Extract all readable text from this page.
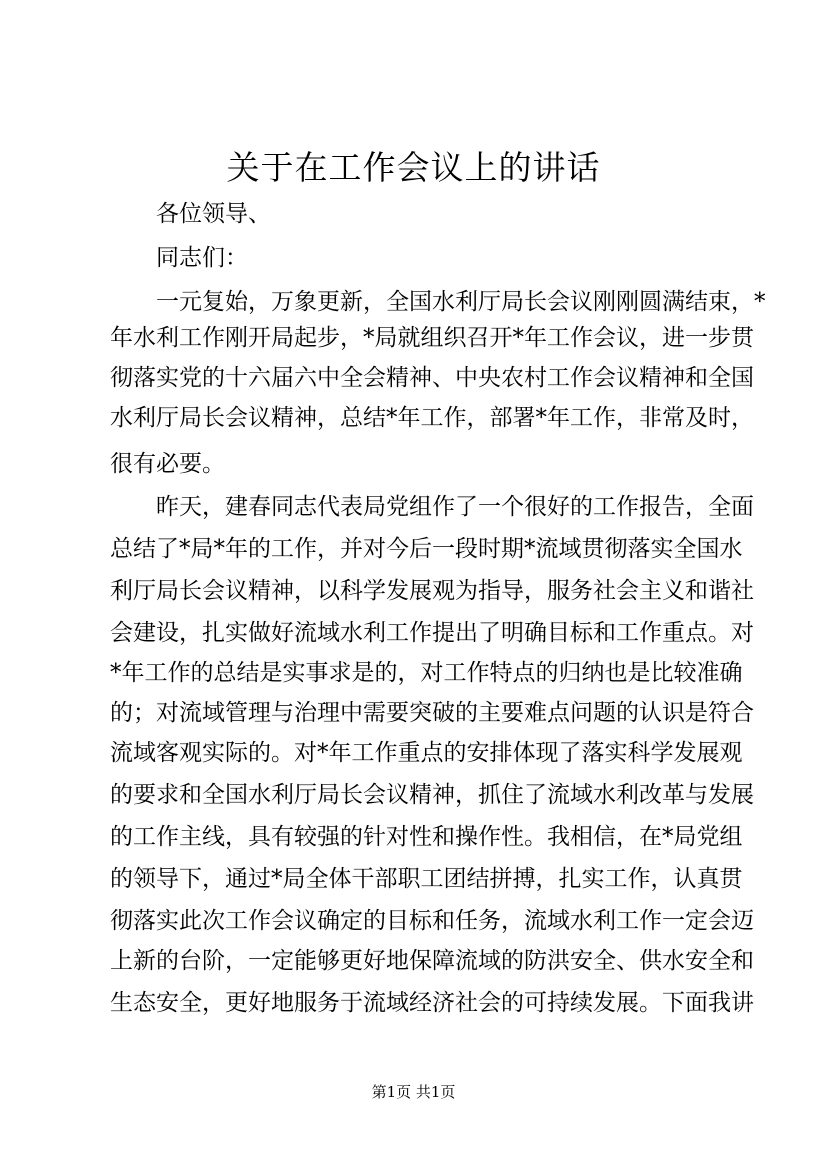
关于在工作会议上的讲话

各位领导、

同志们：

一元复始，万象更新，全国水利厅局长会议刚刚圆满结束，*

年水利工作刚开局起步，*局就组织召开*年工作会议，进一步贯

彻落实党的十六届六中全会精神、中央农村工作会议精神和全国

水利厅局长会议精神，总结*年工作，部署*年工作，非常及时，

很有必要。

昨天，建春同志代表局党组作了一个很好的工作报告，全面

总结了*局*年的工作，并对今后一段时期*流域贯彻落实全国水

利厅局长会议精神，以科学发展观为指导，服务社会主义和谐社

会建设，扎实做好流域水利工作提出了明确目标和工作重点。对

*年工作的总结是实事求是的，对工作特点的归纳也是比较准确

的；对流域管理与治理中需要突破的主要难点问题的认识是符合

流域客观实际的。对*年工作重点的安排体现了落实科学发展观

的要求和全国水利厅局长会议精神，抓住了流域水利改革与发展

的工作主线，具有较强的针对性和操作性。我相信，在*局党组

的领导下，通过*局全体干部职工团结拼搏，扎实工作，认真贯

彻落实此次工作会议确定的目标和任务，流域水利工作一定会迈

上新的台阶，一定能够更好地保障流域的防洪安全、供水安全和

生态安全，更好地服务于流域经济社会的可持续发展。下面我讲

第1页 共1页
